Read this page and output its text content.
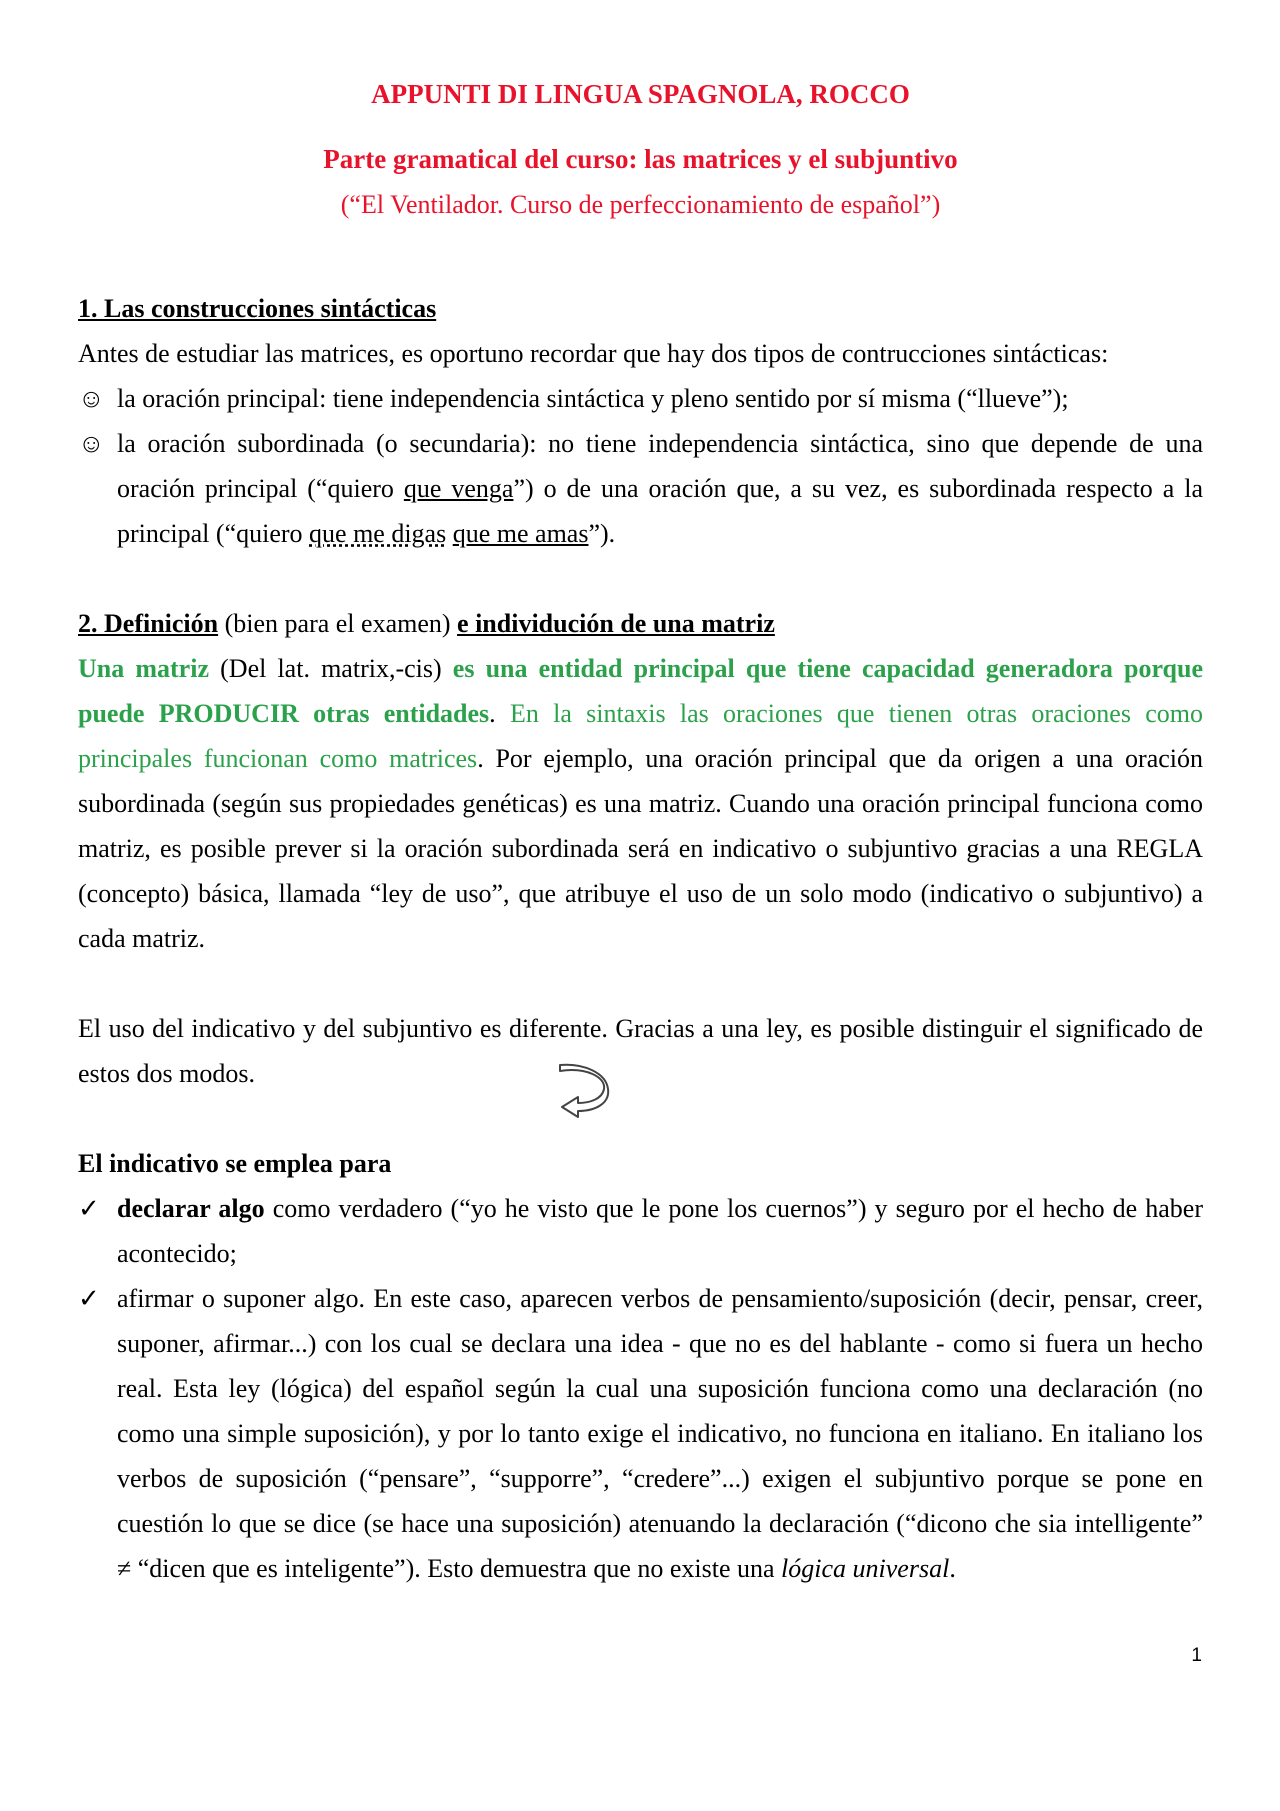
APPUNTI DI LINGUA SPAGNOLA, ROCCO
Parte gramatical del curso: las matrices y el subjuntivo
(“El Ventilador. Curso de perfeccionamiento de español”)
1. Las construcciones sintácticas

Antes de estudiar las matrices, es oportuno recordar que hay dos tipos de contrucciones sintácticas:

☺ la oración principal: tiene independencia sintáctica y pleno sentido por sí misma (“llueve”);
☺ la oración subordinada (o secundaria): no tiene independencia sintáctica, sino que depende de una oración principal (“quiero que venga”) o de una oración que, a su vez, es subordinada respecto a la principal (“quiero que me digas que me amas”).
2. Definición (bien para el examen) e individución de una matriz

Una matriz (Del lat. matrix,-cis) es una entidad principal que tiene capacidad generadora porque puede PRODUCIR otras entidades. En la sintaxis las oraciones que tienen otras oraciones como principales funcionan como matrices. Por ejemplo, una oración principal que da origen a una oración subordinada (según sus propiedades genéticas) es una matriz. Cuando una oración principal funciona como matriz, es posible prever si la oración subordinada será en indicativo o subjuntivo gracias a una REGLA (concepto) básica, llamada “ley de uso”, que atribuye el uso de un solo modo (indicativo o subjuntivo) a cada matriz.

El uso del indicativo y del subjuntivo es diferente. Gracias a una ley, es posible distinguir el significado de estos dos modos.

El indicativo se emplea para
✓ declarar algo como verdadero (“yo he visto que le pone los cuernos”) y seguro por el hecho de haber acontecido;
✓ afirmar o suponer algo. En este caso, aparecen verbos de pensamiento/suposición (decir, pensar, creer, suponer, afirmar...) con los cual se declara una idea - que no es del hablante - como si fuera un hecho real. Esta ley (lógica) del español según la cual una suposición funciona como una declaración (no como una simple suposición), y por lo tanto exige el indicativo, no funciona en italiano. En italiano los verbos de suposición (“pensare”, “supporre”, “credere”...) exigen el subjuntivo porque se pone en cuestión lo que se dice (se hace una suposición) atenuando la declaración (“dicono che sia intelligente” ≠ “dicen que es inteligente”). Esto demuestra que no existe una lógica universal.
1
